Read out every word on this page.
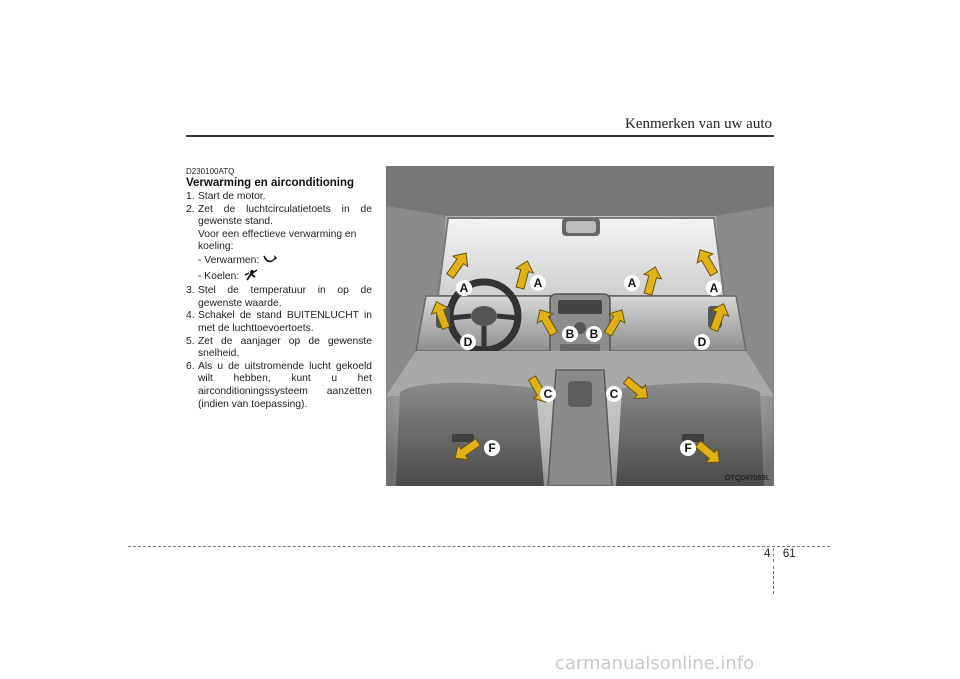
Kenmerken van uw auto
D230100ATQ
Verwarming en airconditioning
1. Start de motor.
2. Zet de luchtcirculatietoets in de gewenste stand.
Voor een effectieve verwarming en koeling:
- Verwarmen:
- Koelen:
3. Stel de temperatuur in op de gewenste waarde.
4. Schakel de stand BUITENLUCHT in met de luchttoevoertoets.
5. Zet de aanjager op de gewenste snelheid.
6. Als u de uitstromende lucht gekoeld wilt hebben, kunt u het airconditioningssysteem aanzetten (indien van toepassing).
A	A	A	A
B B
C	C
D	D
F	F
OTQ047069L
4 61
carmanualsonline.info
